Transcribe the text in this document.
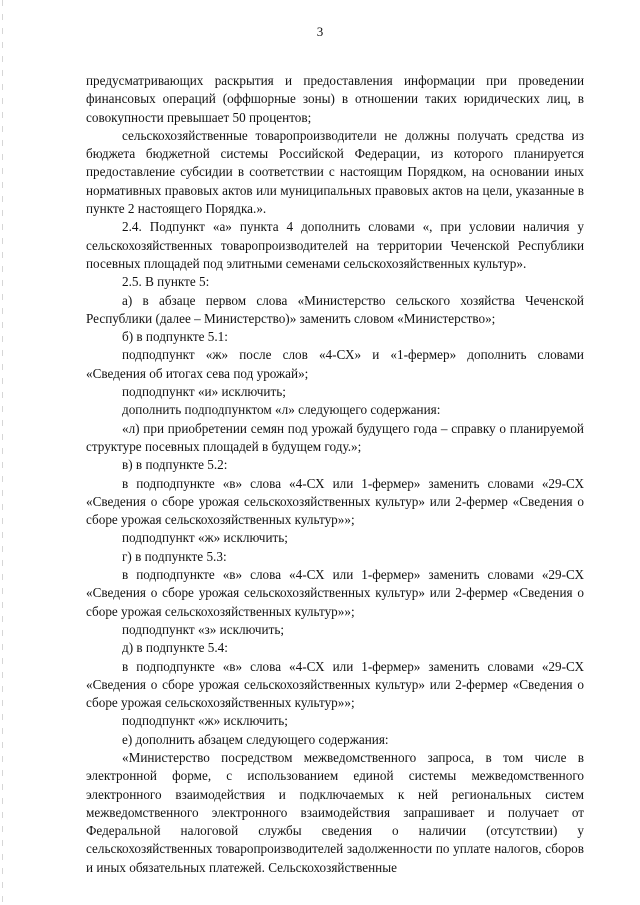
3

предусматривающих раскрытия и предоставления информации при проведении финансовых операций (оффшорные зоны) в отношении таких юридических лиц, в совокупности превышает 50 процентов;

сельскохозяйственные товаропроизводители не должны получать средства из бюджета бюджетной системы Российской Федерации, из которого планируется предоставление субсидии в соответствии с настоящим Порядком, на основании иных нормативных правовых актов или муниципальных правовых актов на цели, указанные в пункте 2 настоящего Порядка.».

2.4. Подпункт «а» пункта 4 дополнить словами «, при условии наличия у сельскохозяйственных товаропроизводителей на территории Чеченской Республики посевных площадей под элитными семенами сельскохозяйственных культур».

2.5. В пункте 5:

а) в абзаце первом слова «Министерство сельского хозяйства Чеченской Республики (далее – Министерство)» заменить словом «Министерство»;

б) в подпункте 5.1:

подподпункт «ж» после слов «4-СХ» и «1-фермер» дополнить словами «Сведения об итогах сева под урожай»;

подподпункт «и» исключить;

дополнить подподпунктом «л» следующего содержания:

«л) при приобретении семян под урожай будущего года – справку о планируемой структуре посевных площадей в будущем году.»;

в) в подпункте 5.2:

в подподпункте «в» слова «4-СХ или 1-фермер» заменить словами «29-СХ «Сведения о сборе урожая сельскохозяйственных культур» или 2-фермер «Сведения о сборе урожая сельскохозяйственных культур»»;

подподпункт «ж» исключить;

г) в подпункте 5.3:

в подподпункте «в» слова «4-СХ или 1-фермер» заменить словами «29-СХ «Сведения о сборе урожая сельскохозяйственных культур» или 2-фермер «Сведения о сборе урожая сельскохозяйственных культур»»;

подподпункт «з» исключить;

д) в подпункте 5.4:

в подподпункте «в» слова «4-СХ или 1-фермер» заменить словами «29-СХ «Сведения о сборе урожая сельскохозяйственных культур» или 2-фермер «Сведения о сборе урожая сельскохозяйственных культур»»;

подподпункт «ж» исключить;

е) дополнить абзацем следующего содержания:

«Министерство посредством межведомственного запроса, в том числе в электронной форме, с использованием единой системы межведомственного электронного взаимодействия и подключаемых к ней региональных систем межведомственного электронного взаимодействия запрашивает и получает от Федеральной налоговой службы сведения о наличии (отсутствии) у сельскохозяйственных товаропроизводителей задолженности по уплате налогов, сборов и иных обязательных платежей. Сельскохозяйственные
